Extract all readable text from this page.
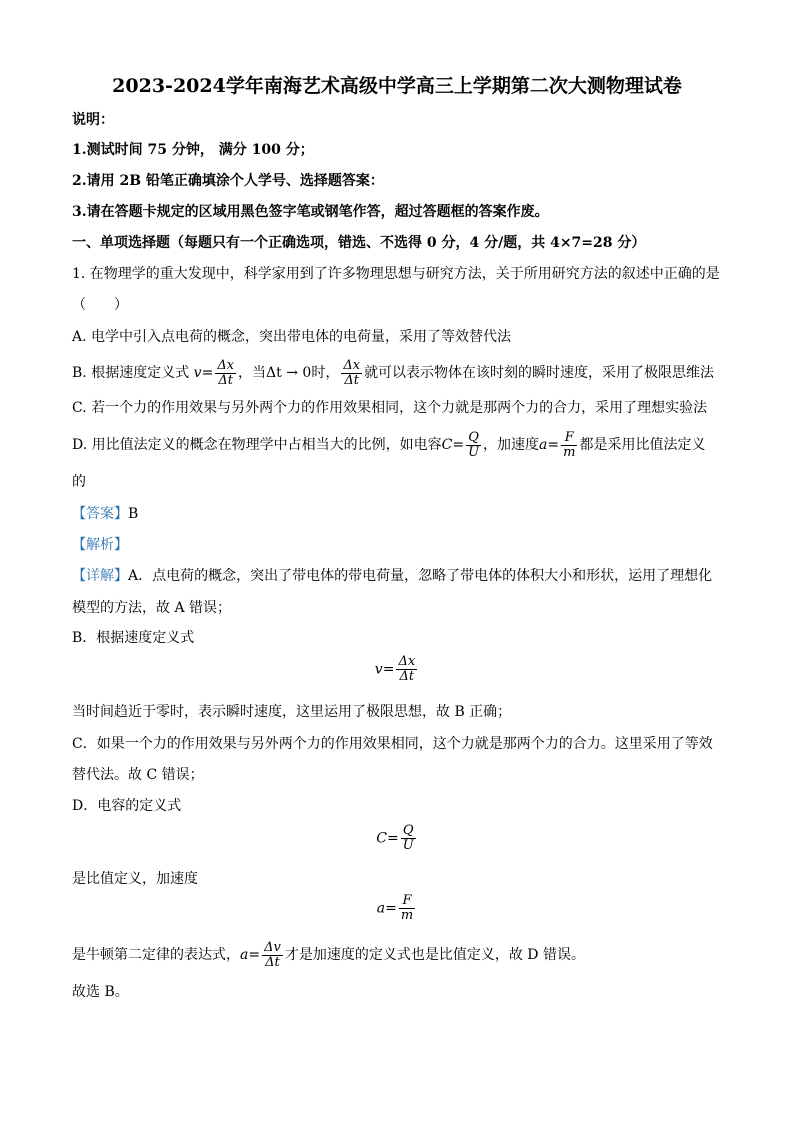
2023-2024学年南海艺术高级中学高三上学期第二次大测物理试卷
说明：
1.测试时间 75 分钟， 满分 100 分；
2.请用 2B 铅笔正确填涂个人学号、选择题答案：
3.请在答题卡规定的区域用黑色签字笔或钢笔作答，超过答题框的答案作废。
一、单项选择题（每题只有一个正确选项，错选、不选得 0 分，4 分/题，共 4×7=28 分）
1. 在物理学的重大发现中，科学家用到了许多物理思想与研究方法，关于所用研究方法的叙述中正确的是
（　　）
A. 电学中引入点电荷的概念，突出带电体的电荷量，采用了等效替代法
B. 根据速度定义式 $v= \frac{\Delta x}{\Delta t}$ ，当Δt → 0时， $\frac{\Delta x}{\Delta t}$ 就可以表示物体在该时刻的瞬时速度，采用了极限思维法
C. 若一个力的作用效果与另外两个力的作用效果相同，这个力就是那两个力的合力，采用了理想实验法
D. 用比值法定义的概念在物理学中占相当大的比例，如电容$C= \frac{Q}{U}$ ，加速度$a= \frac{F}{m}$ 都是采用比值法定义
的
【答案】B
【解析】
【详解】A．点电荷的概念，突出了带电体的带电荷量，忽略了带电体的体积大小和形状，运用了理想化
模型的方法，故 A 错误；
B．根据速度定义式
$v= \frac{\Delta x}{\Delta t}$
当时间趋近于零时，表示瞬时速度，这里运用了极限思想，故 B 正确；
C．如果一个力的作用效果与另外两个力的作用效果相同，这个力就是那两个力的合力。这里采用了等效
替代法。故 C 错误；
D．电容的定义式
$C= \frac{Q}{U}$
是比值定义，加速度
$a= \frac{F}{m}$
是牛顿第二定律的表达式，$a= \frac{\Delta v}{\Delta t}$ 才是加速度的定义式也是比值定义，故 D 错误。
故选 B。
